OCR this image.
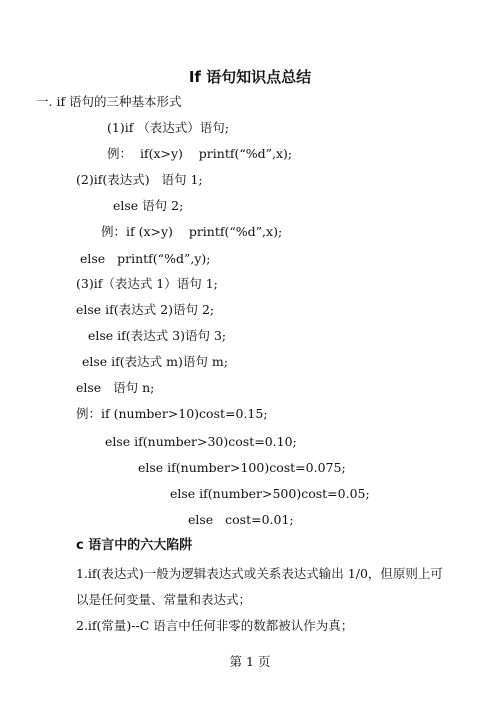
If 语句知识点总结
一. if 语句的三种基本形式
(1)if （表达式）语句;
例：  if(x>y)    printf(“%d”,x);
(2)if(表达式)   语句 1;
else 语句 2;
例：if (x>y)    printf(“%d”,x);
else   printf(“%d”,y);
(3)if（表达式 1）语句 1;
else if(表达式 2)语句 2;
else if(表达式 3)语句 3;
else if(表达式 m)语句 m;
else   语句 n;
例：if (number>10)cost=0.15;
else if(number>30)cost=0.10;
else if(number>100)cost=0.075;
else if(number>500)cost=0.05;
else   cost=0.01;
c 语言中的六大陷阱
1.if(表达式)一般为逻辑表达式或关系表达式输出 1/0，但原则上可
以是任何变量、常量和表达式；
2.if(常量)--C 语言中任何非零的数都被认作为真；
第 1 页
